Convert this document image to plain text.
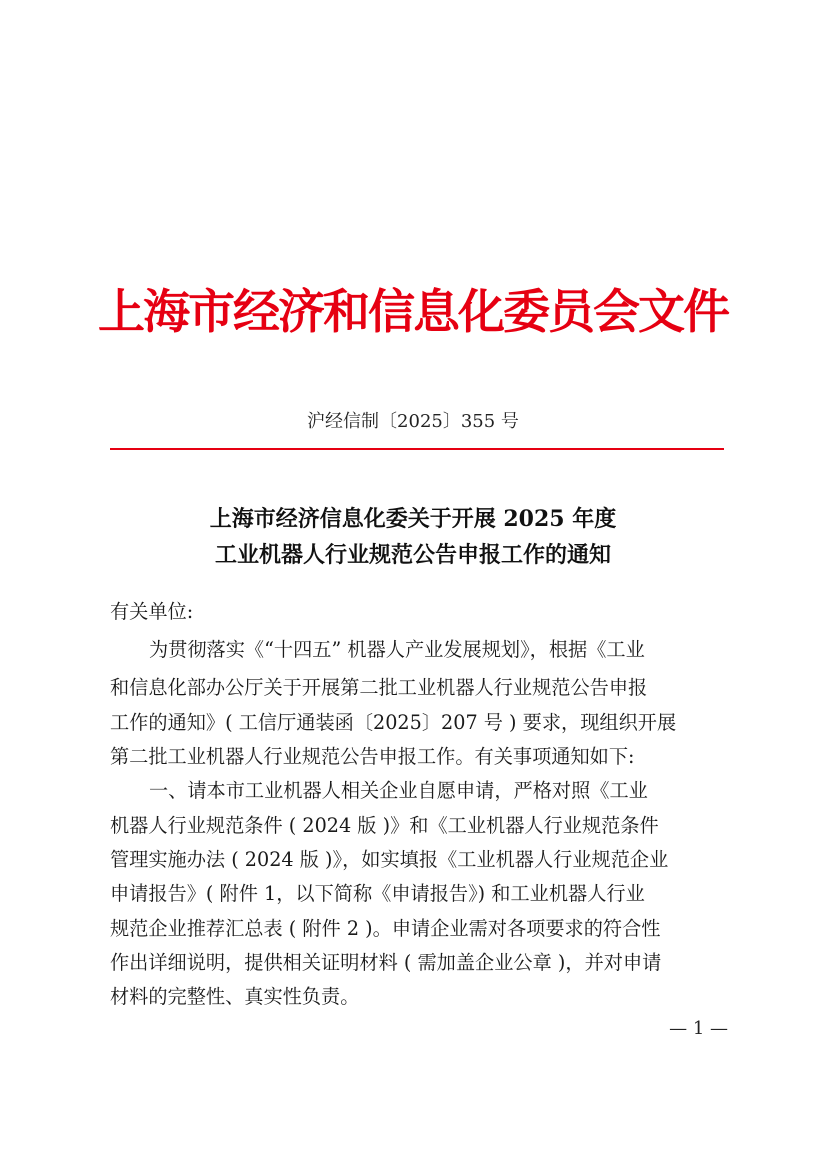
上海市经济和信息化委员会文件
沪经信制〔2025〕355 号
上海市经济信息化委关于开展 2025 年度
工业机器人行业规范公告申报工作的通知
有关单位:
为贯彻落实《“十四五” 机器人产业发展规划》，根据《工业
和信息化部办公厅关于开展第二批工业机器人行业规范公告申报
工作的通知》( 工信厅通装函〔2025〕207 号 ) 要求，现组织开展
第二批工业机器人行业规范公告申报工作。有关事项通知如下:
一、请本市工业机器人相关企业自愿申请，严格对照《工业
机器人行业规范条件 ( 2024 版 )》和《工业机器人行业规范条件
管理实施办法 ( 2024 版 )》，如实填报《工业机器人行业规范企业
申请报告》( 附件 1，以下简称《申请报告》) 和工业机器人行业
规范企业推荐汇总表 ( 附件 2 )。申请企业需对各项要求的符合性
作出详细说明，提供相关证明材料 ( 需加盖企业公章 )，并对申请
材料的完整性、真实性负责。
— 1 —
